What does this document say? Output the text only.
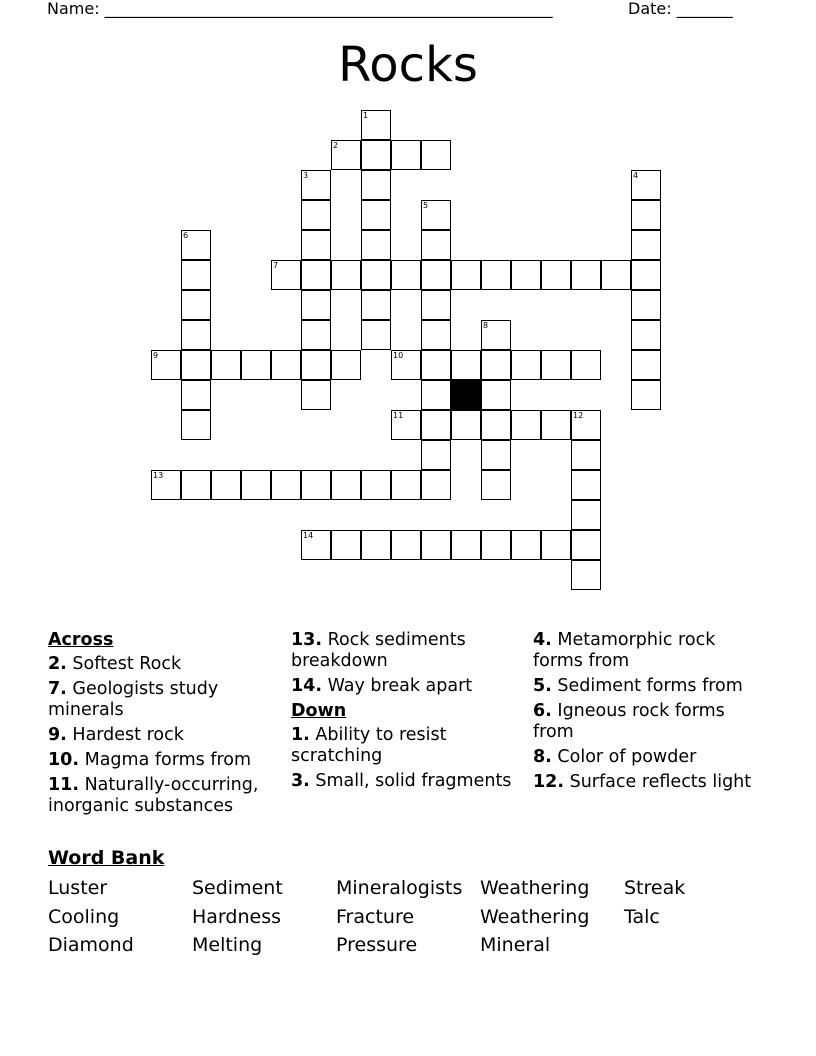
Name: ________________________________________________________	Date: _______
Rocks
1
2
3	4
5
6
7
8
9	10
11	12
13
14
Across
2. Softest Rock
7. Geologists study minerals
9. Hardest rock
10. Magma forms from
11. Naturally-occurring, inorganic substances
13. Rock sediments breakdown
14. Way break apart
Down
1. Ability to resist scratching
3. Small, solid fragments
4. Metamorphic rock forms from
5. Sediment forms from
6. Igneous rock forms from
8. Color of powder
12. Surface reflects light
Word Bank
Luster	Sediment	Mineralogists Weathering	Streak
Cooling	Hardness	Fracture	Weathering	Talc
Diamond	Melting	Pressure	Mineral
